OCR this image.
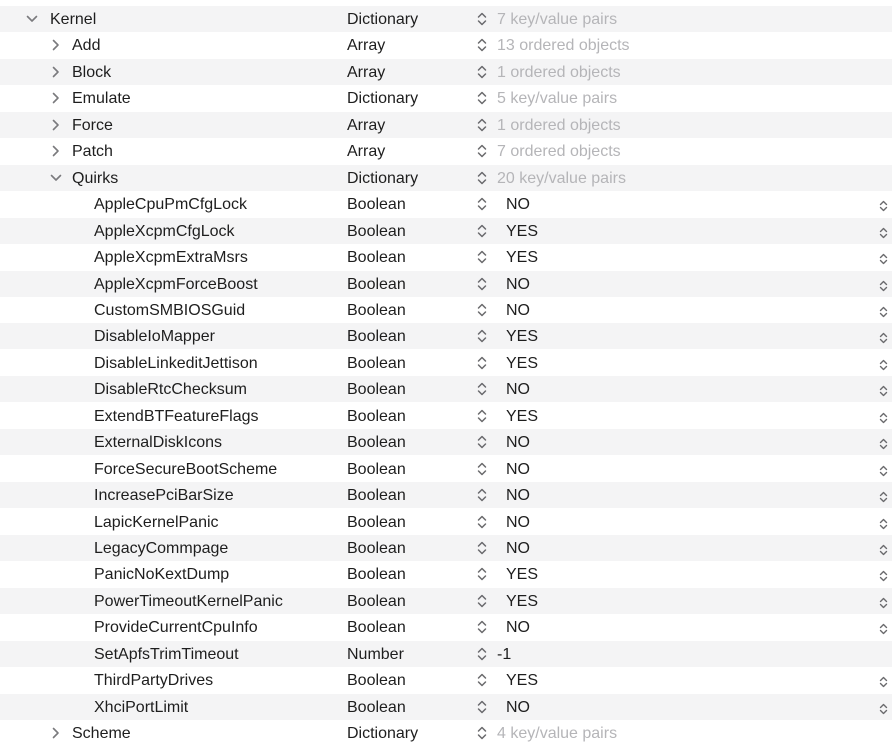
Kernel	Dictionary	7 key/value pairs
Add	Array	13 ordered objects
Block	Array	1 ordered objects
Emulate	Dictionary	5 key/value pairs
Force	Array	1 ordered objects
Patch	Array	7 ordered objects
Quirks	Dictionary	20 key/value pairs
AppleCpuPmCfgLock	Boolean	NO
AppleXcpmCfgLock	Boolean	YES
AppleXcpmExtraMsrs	Boolean	YES
AppleXcpmForceBoost	Boolean	NO
CustomSMBIOSGuid	Boolean	NO
DisableIoMapper	Boolean	YES
DisableLinkeditJettison	Boolean	YES
DisableRtcChecksum	Boolean	NO
ExtendBTFeatureFlags	Boolean	YES
ExternalDiskIcons	Boolean	NO
ForceSecureBootScheme	Boolean	NO
IncreasePciBarSize	Boolean	NO
LapicKernelPanic	Boolean	NO
LegacyCommpage	Boolean	NO
PanicNoKextDump	Boolean	YES
PowerTimeoutKernelPanic	Boolean	YES
ProvideCurrentCpuInfo	Boolean	NO
SetApfsTrimTimeout	Number	-1
ThirdPartyDrives	Boolean	YES
XhciPortLimit	Boolean	NO
Scheme	Dictionary	4 key/value pairs
